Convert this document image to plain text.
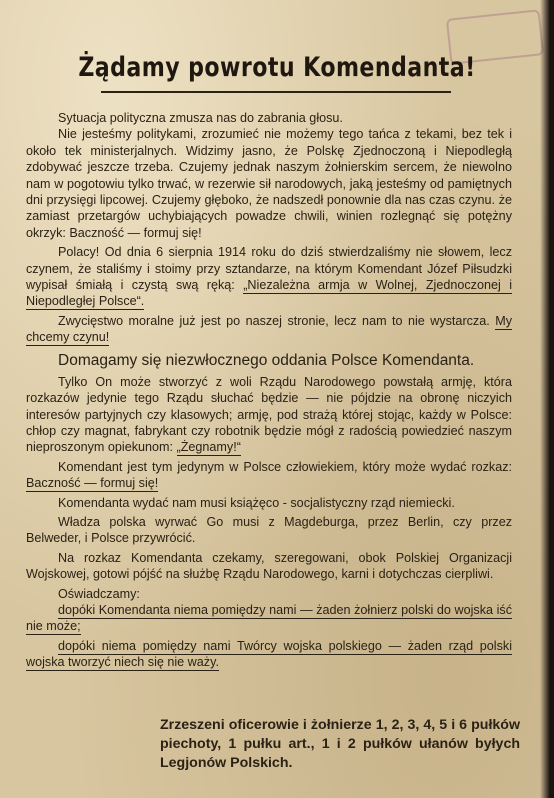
Żądamy powrotu Komendanta!

Sytuacja polityczna zmusza nas do zabrania głosu.

Nie jesteśmy politykami, zrozumieć nie możemy tego tańca z tekami, bez tek i około tek ministerjalnych. Widzimy jasno, że Polskę Zjednoczoną i Niepodległą zdobywać jeszcze trzeba. Czujemy jednak naszym żołnierskim sercem, że niewolno nam w pogotowiu tylko trwać, w rezerwie sił narodowych, jaką jesteśmy od pamiętnych dni przysięgi lipcowej. Czujemy głęboko, że nadszedł ponownie dla nas czas czynu. że zamiast przetargów uchybiających powadze chwili, winien rozlegnąć się potężny okrzyk: Baczność — formuj się!

Polacy! Od dnia 6 sierpnia 1914 roku do dziś stwierdzaliśmy nie słowem, lecz czynem, że staliśmy i stoimy przy sztandarze, na którym Komendant Józef Piłsudzki wypisał śmiałą i czystą swą ręką: „Niezależna armja w Wolnej, Zjednoczonej i Niepodległej Polsce“.

Zwycięstwo moralne już jest po naszej stronie, lecz nam to nie wystarcza. My chcemy czynu!

Domagamy się niezwłocznego oddania Polsce Komendanta.

Tylko On może stworzyć z woli Rządu Narodowego powstałą armję, która rozkazów jedynie tego Rządu słuchać będzie — nie pójdzie na obronę niczyich interesów partyjnych czy klasowych; armję, pod strażą której stojąc, każdy w Polsce: chłop czy magnat, fabrykant czy robotnik będzie mógł z radością powiedzieć naszym nieproszonym opiekunom: „Żegnamy!“

Komendant jest tym jedynym w Polsce człowiekiem, który może wydać rozkaz: Baczność — formuj się!

Komendanta wydać nam musi książęco - socjalistyczny rząd niemiecki.

Władza polska wyrwać Go musi z Magdeburga, przez Berlin, czy przez Belweder, i Polsce przywrócić.

Na rozkaz Komendanta czekamy, szeregowani, obok Polskiej Organizacji Wojskowej, gotowi pójść na służbę Rządu Narodowego, karni i dotychczas cierpliwi.

Oświadczamy:

dopóki Komendanta niema pomiędzy nami — żaden żołnierz polski do wojska iść nie może;

dopóki niema pomiędzy nami Twórcy wojska polskiego — żaden rząd polski wojska tworzyć niech się nie waży.

Zrzeszeni oficerowie i żołnierze 1, 2, 3, 4, 5 i 6 pułków piechoty, 1 pułku art., 1 i 2 pułków ułanów byłych Legjonów Polskich.
